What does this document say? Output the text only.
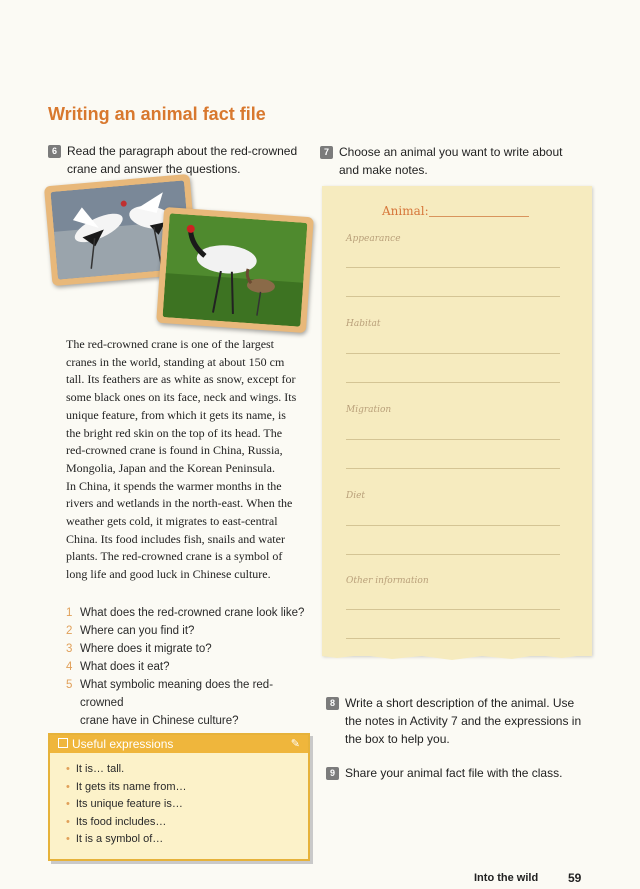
Writing an animal fact file
6 Read the paragraph about the red-crowned
crane and answer the questions.
The red-crowned crane is one of the largest
cranes in the world, standing at about 150 cm
tall. Its feathers are as white as snow, except for
some black ones on its face, neck and wings. Its
unique feature, from which it gets its name, is
the bright red skin on the top of its head. The
red-crowned crane is found in China, Russia,
Mongolia, Japan and the Korean Peninsula.
In China, it spends the warmer months in the
rivers and wetlands in the north-east. When the
weather gets cold, it migrates to east-central
China. Its food includes fish, snails and water
plants. The red-crowned crane is a symbol of
long life and good luck in Chinese culture.
1 What does the red-crowned crane look like?
2 Where can you find it?
3 Where does it migrate to?
4 What does it eat?
5 What symbolic meaning does the red-crowned
crane have in Chinese culture?
Useful expressions	✎
• It is… tall.
• It gets its name from…
• Its unique feature is…
• Its food includes…
• It is a symbol of…
7 Choose an animal you want to write about
and make notes.
Animal:
Appearance
Habitat
Migration
Diet
Other information
8 Write a short description of the animal. Use
the notes in Activity 7 and the expressions in
the box to help you.
9 Share your animal fact file with the class.
Into the wild 59
